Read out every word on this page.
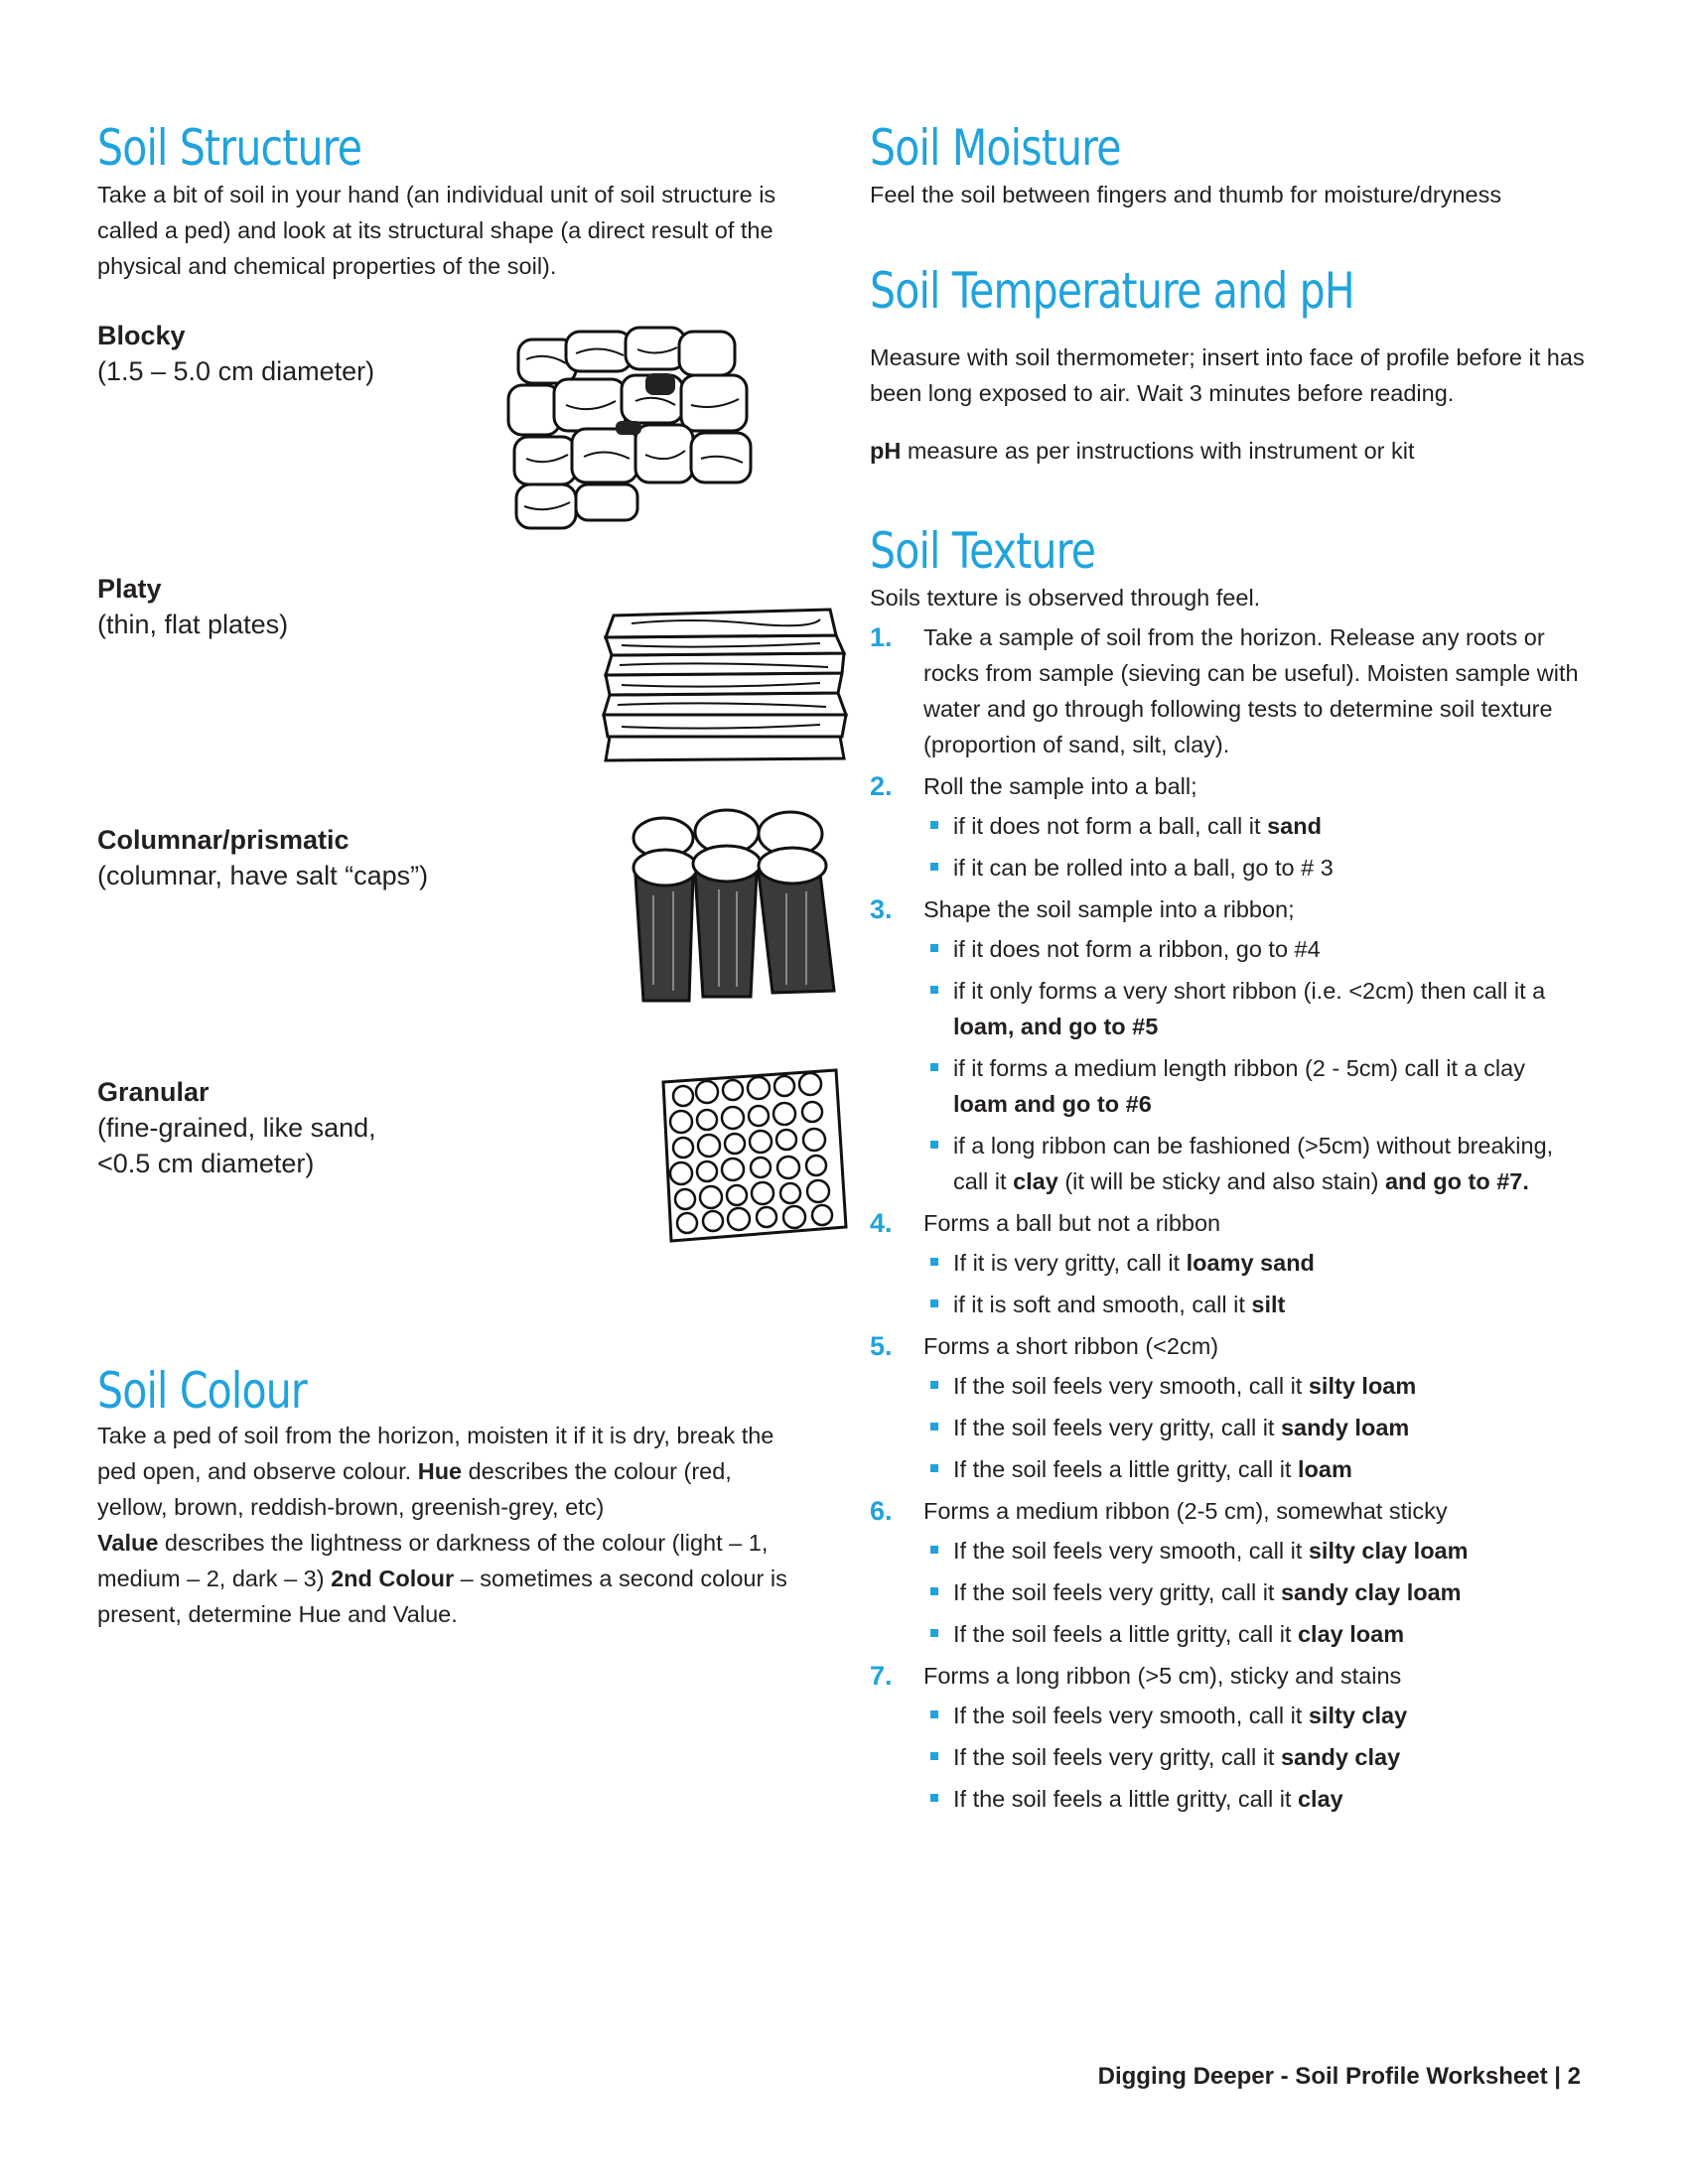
Soil Structure

Take a bit of soil in your hand (an individual unit of soil structure is called a ped) and look at its structural shape (a direct result of the physical and chemical properties of the soil).

Blocky
(1.5 – 5.0 cm diameter)
Platy
(thin, flat plates)
Columnar/prismatic
(columnar, have salt “caps”)
Granular
(fine-grained, like sand,
<0.5 cm diameter)
Soil Colour

Take a ped of soil from the horizon, moisten it if it is dry, break the ped open, and observe colour. Hue describes the colour (red, yellow, brown, reddish-brown, greenish-grey, etc)
Value describes the lightness or darkness of the colour (light – 1, medium – 2, dark – 3) 2nd Colour – sometimes a second colour is present, determine Hue and Value.

Soil Moisture

Feel the soil between fingers and thumb for moisture/dryness

Soil Temperature and pH

Measure with soil thermometer; insert into face of profile before it has been long exposed to air. Wait 3 minutes before reading.

pH measure as per instructions with instrument or kit

Soil Texture

Soils texture is observed through feel.

1. Take a sample of soil from the horizon. Release any roots or rocks from sample (sieving can be useful). Moisten sample with water and go through following tests to determine soil texture (proportion of sand, silt, clay).
2. Roll the sample into a ball;
if it does not form a ball, call it sand
if it can be rolled into a ball, go to # 3
3. Shape the soil sample into a ribbon;
if it does not form a ribbon, go to #4
if it only forms a very short ribbon (i.e. <2cm) then call it a loam, and go to #5
if it forms a medium length ribbon (2 - 5cm) call it a clay loam and go to #6
if a long ribbon can be fashioned (>5cm) without breaking, call it clay (it will be sticky and also stain) and go to #7.
4. Forms a ball but not a ribbon
If it is very gritty, call it loamy sand
if it is soft and smooth, call it silt
5. Forms a short ribbon (<2cm)
If the soil feels very smooth, call it silty loam
If the soil feels very gritty, call it sandy loam
If the soil feels a little gritty, call it loam
6. Forms a medium ribbon (2-5 cm), somewhat sticky
If the soil feels very smooth, call it silty clay loam
If the soil feels very gritty, call it sandy clay loam
If the soil feels a little gritty, call it clay loam
7. Forms a long ribbon (>5 cm), sticky and stains
If the soil feels very smooth, call it silty clay
If the soil feels very gritty, call it sandy clay
If the soil feels a little gritty, call it clay
Digging Deeper - Soil Profile Worksheet | 2
